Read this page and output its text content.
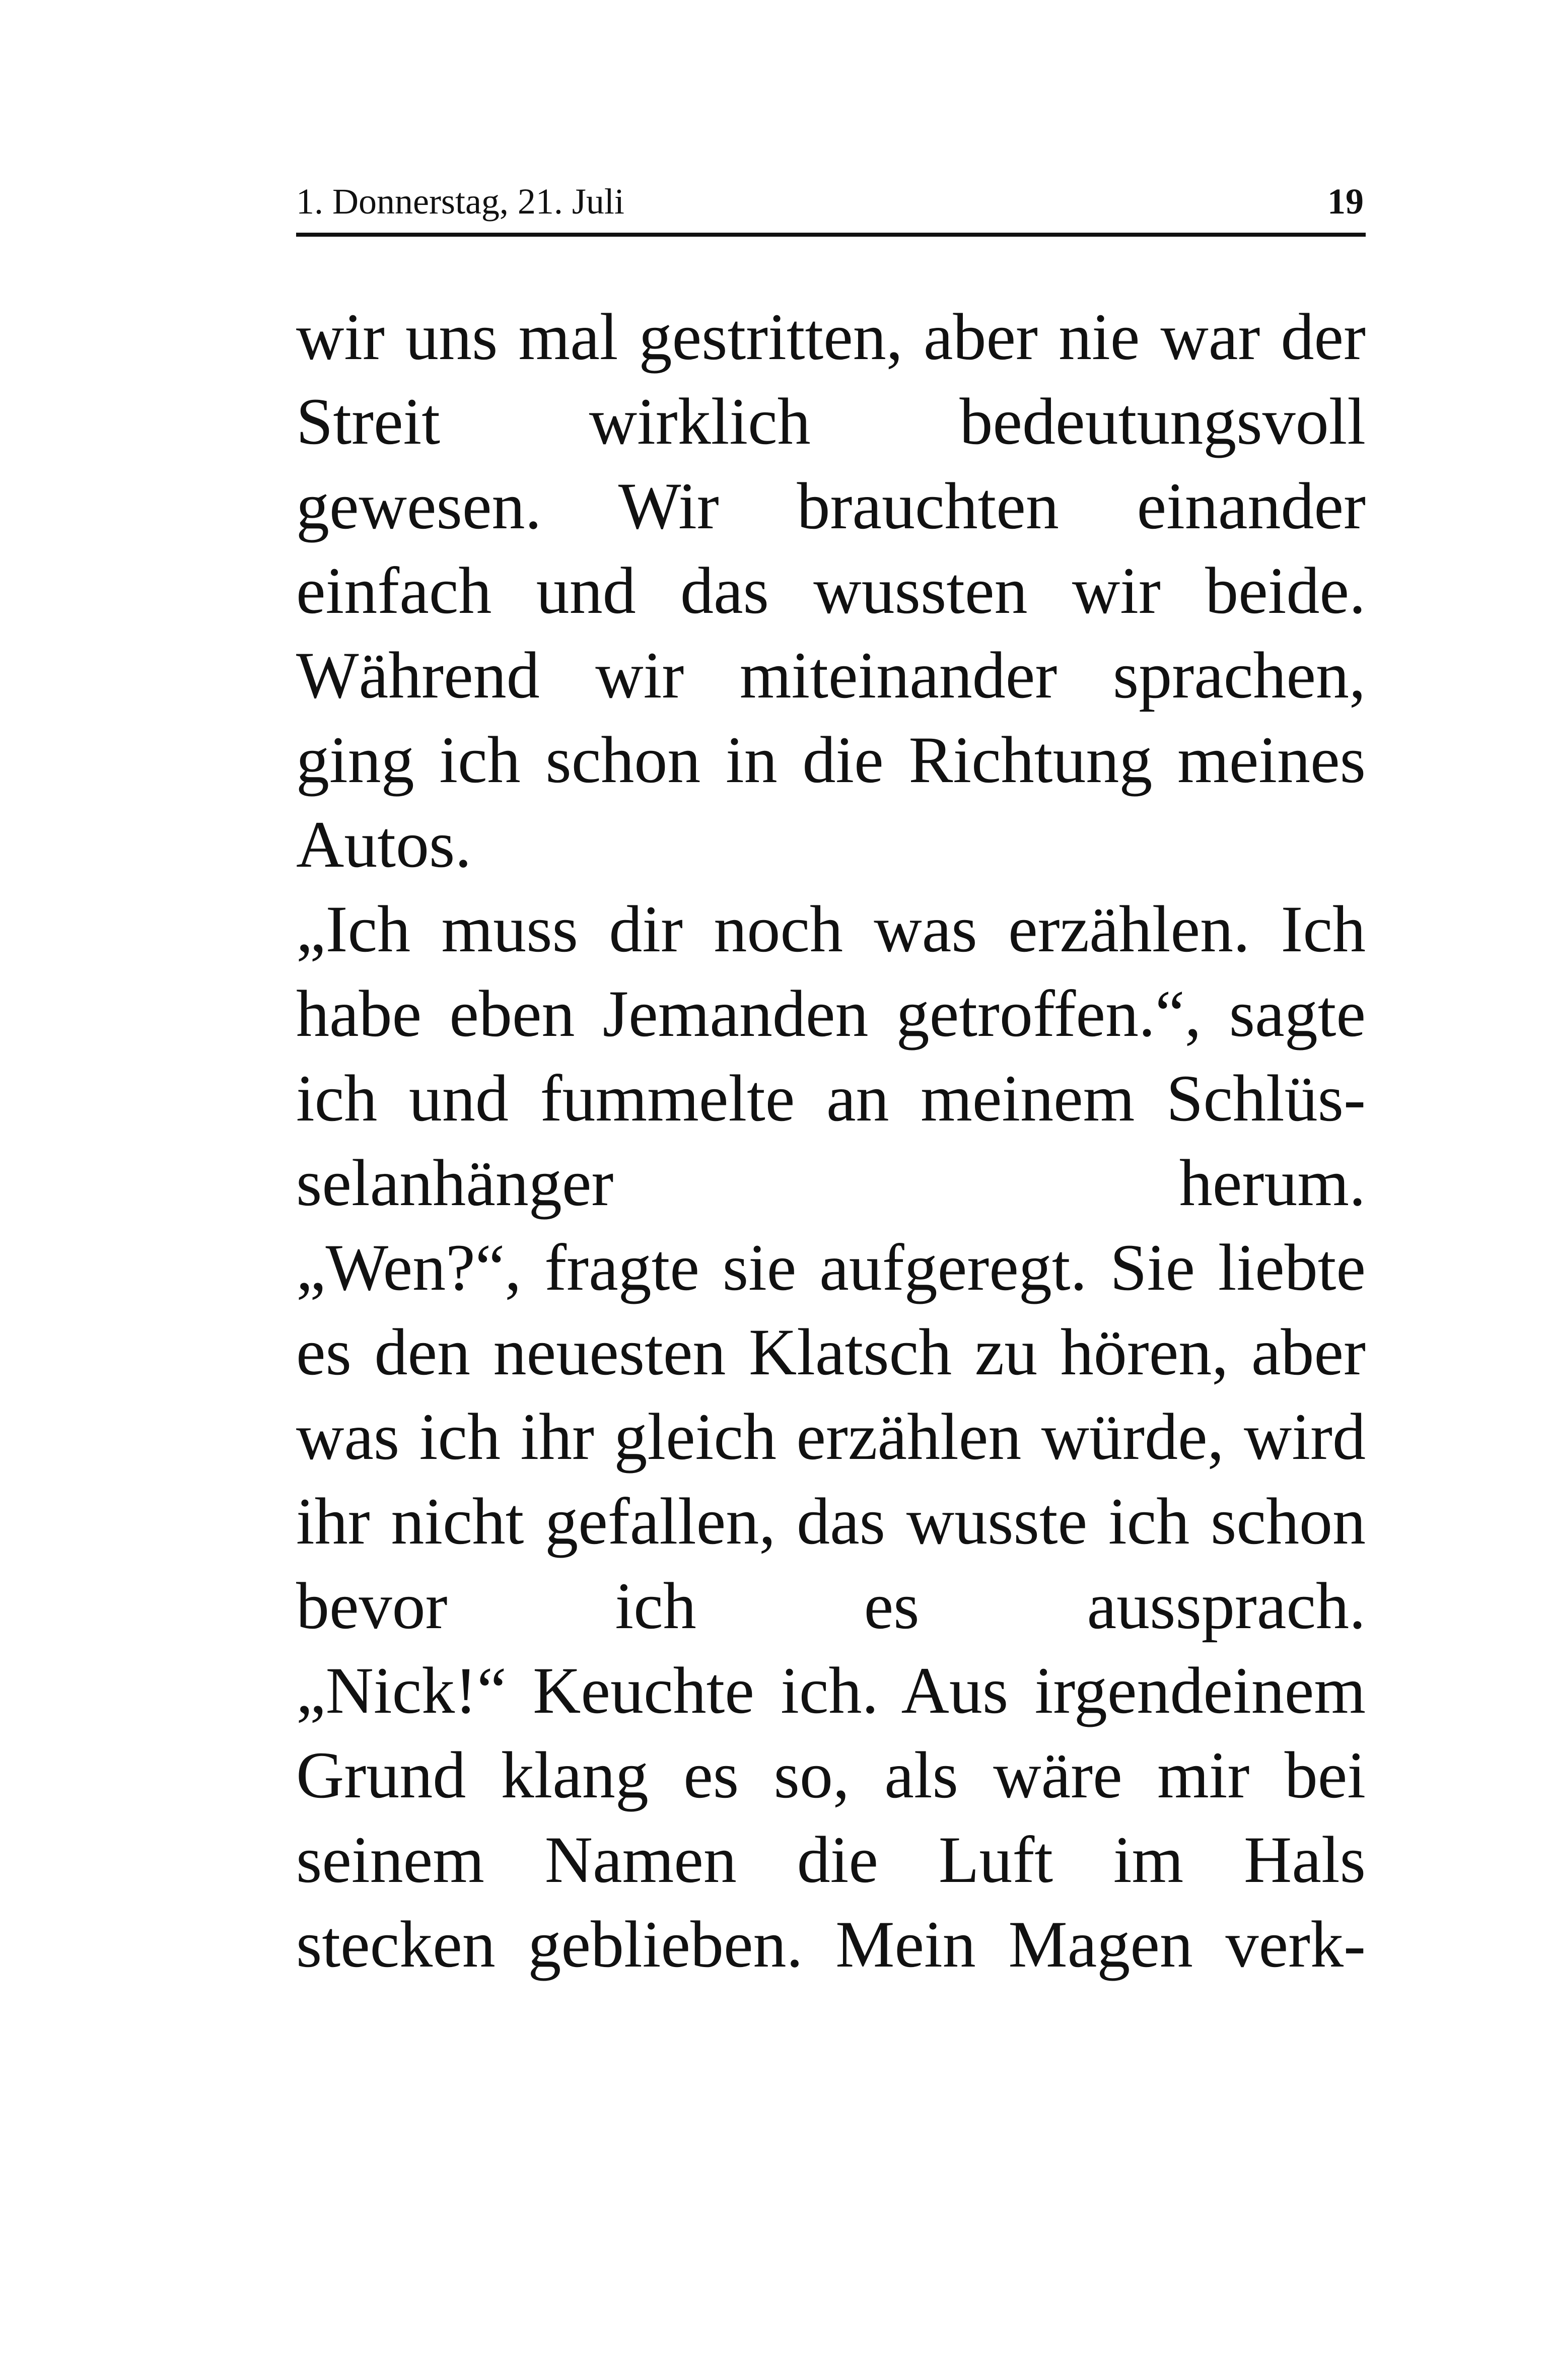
1. Donnerstag, 21. Juli	19
wir uns mal gestritten, aber nie war der
Streit wirklich bedeutungsvoll
gewesen. Wir brauchten einander
einfach und das wussten wir beide.
Während wir miteinander sprachen,
ging ich schon in die Richtung meines
Autos.
„Ich muss dir noch was erzählen. Ich
habe eben Jemanden getroffen.“, sagte
ich und fummelte an meinem Schlüs-
selanhänger herum.
„Wen?“, fragte sie aufgeregt. Sie liebte
es den neuesten Klatsch zu hören, aber
was ich ihr gleich erzählen würde, wird
ihr nicht gefallen, das wusste ich schon
bevor ich es aussprach.
„Nick!“ Keuchte ich. Aus irgendeinem
Grund klang es so, als wäre mir bei
seinem Namen die Luft im Hals
stecken geblieben. Mein Magen verk-
